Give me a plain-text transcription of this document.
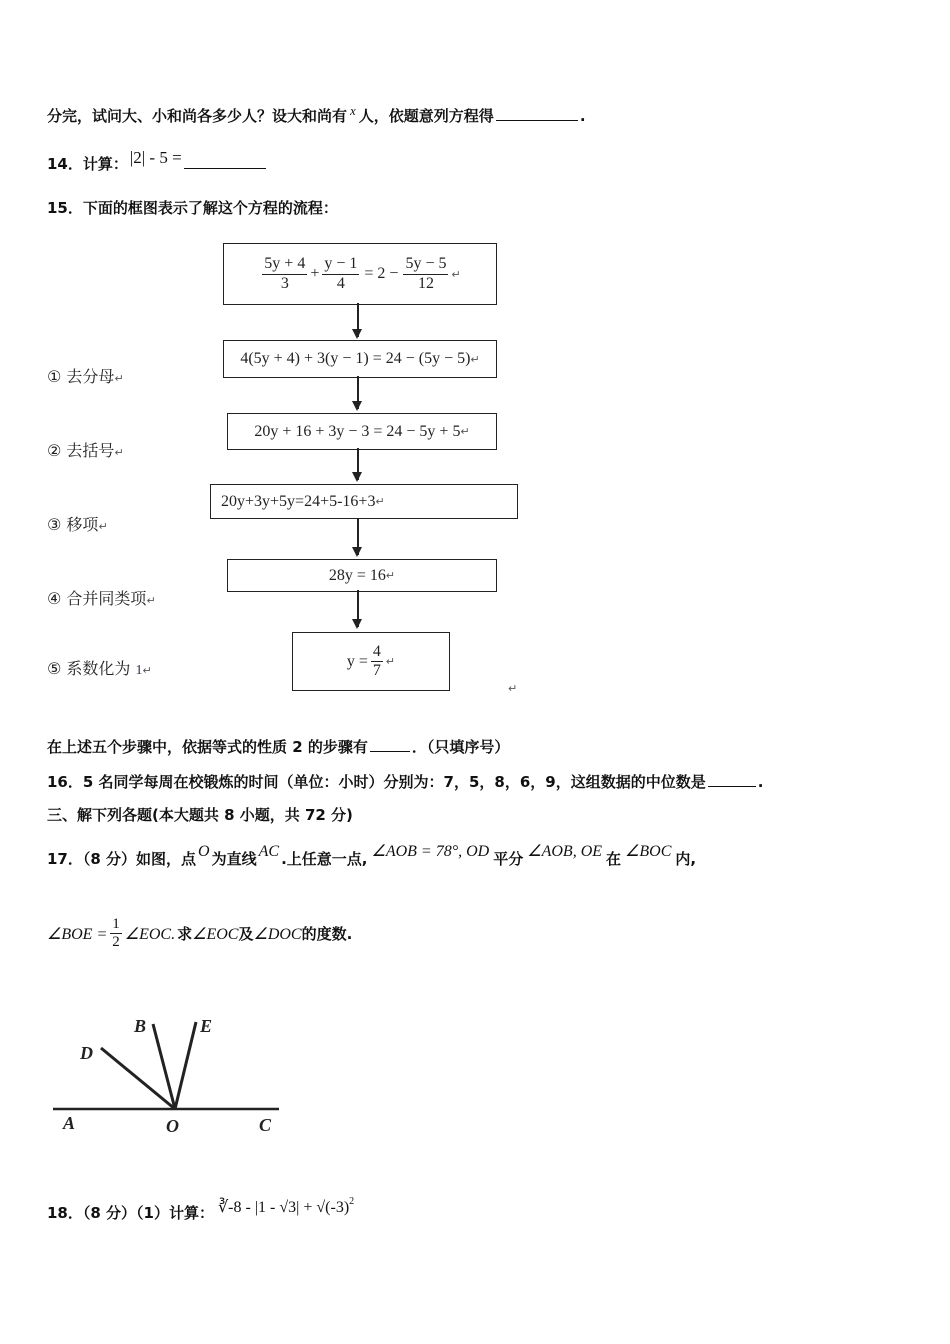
分完，试问大、小和尚各多少人？设大和尚有 x 人，依题意列方程得	.
14．计算： |2| - 5 =
15．下面的框图表示了解这个方程的流程：
$\frac{5y + 4}{3} + \frac{y - 1}{4} = 2 - \frac{5y - 5}{12}$ ↵
4(5y + 4) + 3(y − 1) = 24 − (5y − 5) ↵
20y + 16 + 3y − 3 = 24 − 5y + 5 ↵
20y+3y+5y=24+5-16+3 ↵
28y = 16 ↵
$y = \frac{4}{7}$ ↵
↵
① 去分母↵
② 去括号↵
③ 移项↵
④ 合并同类项↵
⑤ 系数化为 1↵
在上述五个步骤中，依据等式的性质 2 的步骤有	．（只填序号）
16．5 名同学每周在校锻炼的时间（单位：小时）分别为：7，5，8，6，9，这组数据的中位数是	.
三、解下列各题(本大题共 8 小题，共 72 分)
17．（8 分）如图，点 O 为直线 AC .上任意一点, ∠AOB = 78°, OD 平分 ∠AOB, OE 在 ∠BOC 内,
∠BOE = $\frac{1}{2}$ ∠EOC. 求 ∠EOC 及 ∠DOC 的度数.
A	O	C
B
D
E
18．（8 分）（1）计算： ∛-8 - $|1 - √3| + √(-3)^2$
